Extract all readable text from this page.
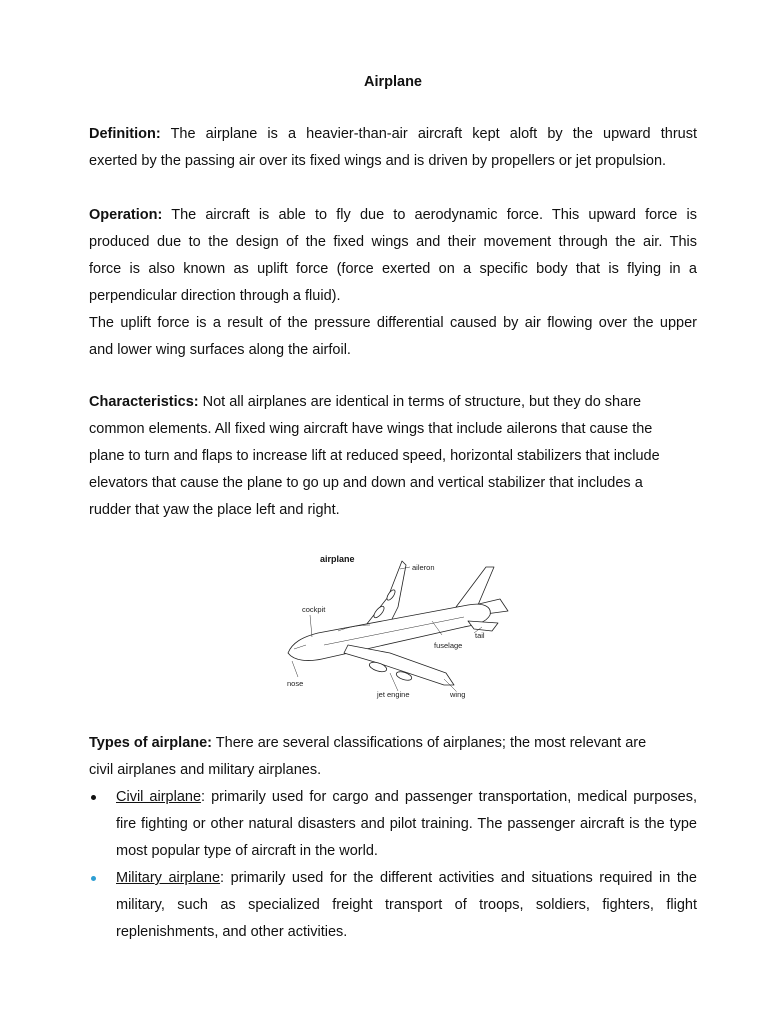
Airplane
Definition: The airplane is a heavier-than-air aircraft kept aloft by the upward thrust
exerted by the passing air over its fixed wings and is driven by propellers or jet propulsion.
Operation: The aircraft is able to fly due to aerodynamic force. This upward force is
produced due to the design of the fixed wings and their movement through the air. This
force is also known as uplift force (force exerted on a specific body that is flying in a
perpendicular direction through a fluid).
The uplift force is a result of the pressure differential caused by air flowing over the upper
and lower wing surfaces along the airfoil.
Characteristics: Not all airplanes are identical in terms of structure, but they do share
common elements. All fixed wing aircraft have wings that include ailerons that cause the
plane to turn and flaps to increase lift at reduced speed, horizontal stabilizers that include
elevators that cause the plane to go up and down and vertical stabilizer that includes a
rudder that yaw the place left and right.
airplane
aileron
cockpit
tail
fuselage
nose
jet engine	wing
Types of airplane: There are several classifications of airplanes; the most relevant are
civil airplanes and military airplanes.
Civil airplane: primarily used for cargo and passenger transportation, medical purposes, fire fighting or other natural disasters and pilot training. The passenger aircraft is the type most popular type of aircraft in the world.
Military airplane: primarily used for the different activities and situations required in the military, such as specialized freight transport of troops, soldiers, fighters, flight replenishments, and other activities.
